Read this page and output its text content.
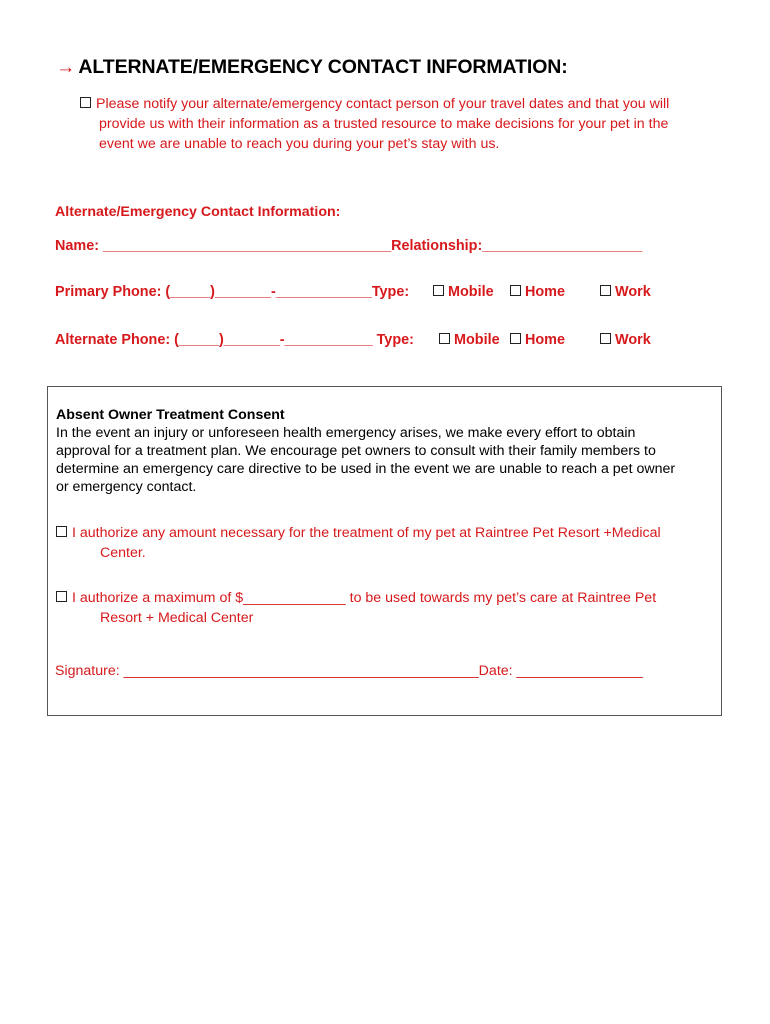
→ ALTERNATE/EMERGENCY CONTACT INFORMATION:
Please notify your alternate/emergency contact person of your travel dates and that you will
provide us with their information as a trusted resource to make decisions for your pet in the
event we are unable to reach you during your pet’s stay with us.
Alternate/Emergency Contact Information:
Name: ____________________________________Relationship:____________________
Primary Phone: (_____)_______-____________Type:	Mobile	Home	Work
Alternate Phone: (_____)_______-___________ Type:	Mobile	Home	Work
Absent Owner Treatment Consent
In the event an injury or unforeseen health emergency arises, we make every effort to obtain
approval for a treatment plan. We encourage pet owners to consult with their family members to
determine an emergency care directive to be used in the event we are unable to reach a pet owner
or emergency contact.
I authorize any amount necessary for the treatment of my pet at Raintree Pet Resort +Medical
Center.
I authorize a maximum of $_____________ to be used towards my pet’s care at Raintree Pet
Resort + Medical Center
Signature: _____________________________________________Date: ________________
